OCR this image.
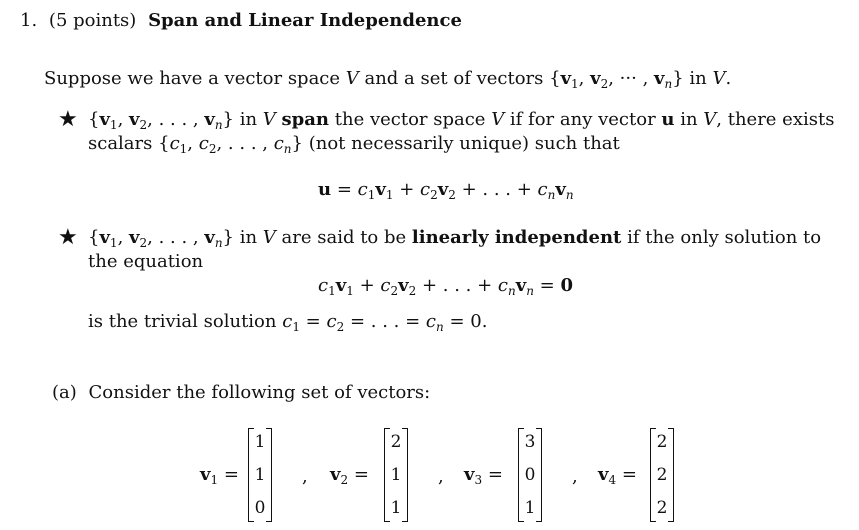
1. (5 points) Span and Linear Independence
Suppose we have a vector space V and a set of vectors {$v_1$, $v_2$, ··· , $v_n$} in V.
★ {$v_1$, $v_2$, . . . , $v_n$} in V span the vector space V if for any vector u in V, there exists
scalars {$c_1$, $c_2$, . . . , $c_n$} (not necessarily unique) such that
$u = c_1v_1 + c_2v_2$ + . . . + $c_nv_n$
★ {$v_1$, $v_2$, . . . , $v_n$} in V are said to be linearly independent if the only solution to
the equation
$c_1v_1 + c_2v_2$ + . . . + $c_nv_n = 0$
is the trivial solution $c_1 = c_2$ = . . . = $c_n = 0$.
(a) Consider the following set of vectors:
$v_1$ =
1
1
0
, $v_2$ =
2
1
1
, $v_3$ =
3
0
1
, $v_4$ =
2
2
2
